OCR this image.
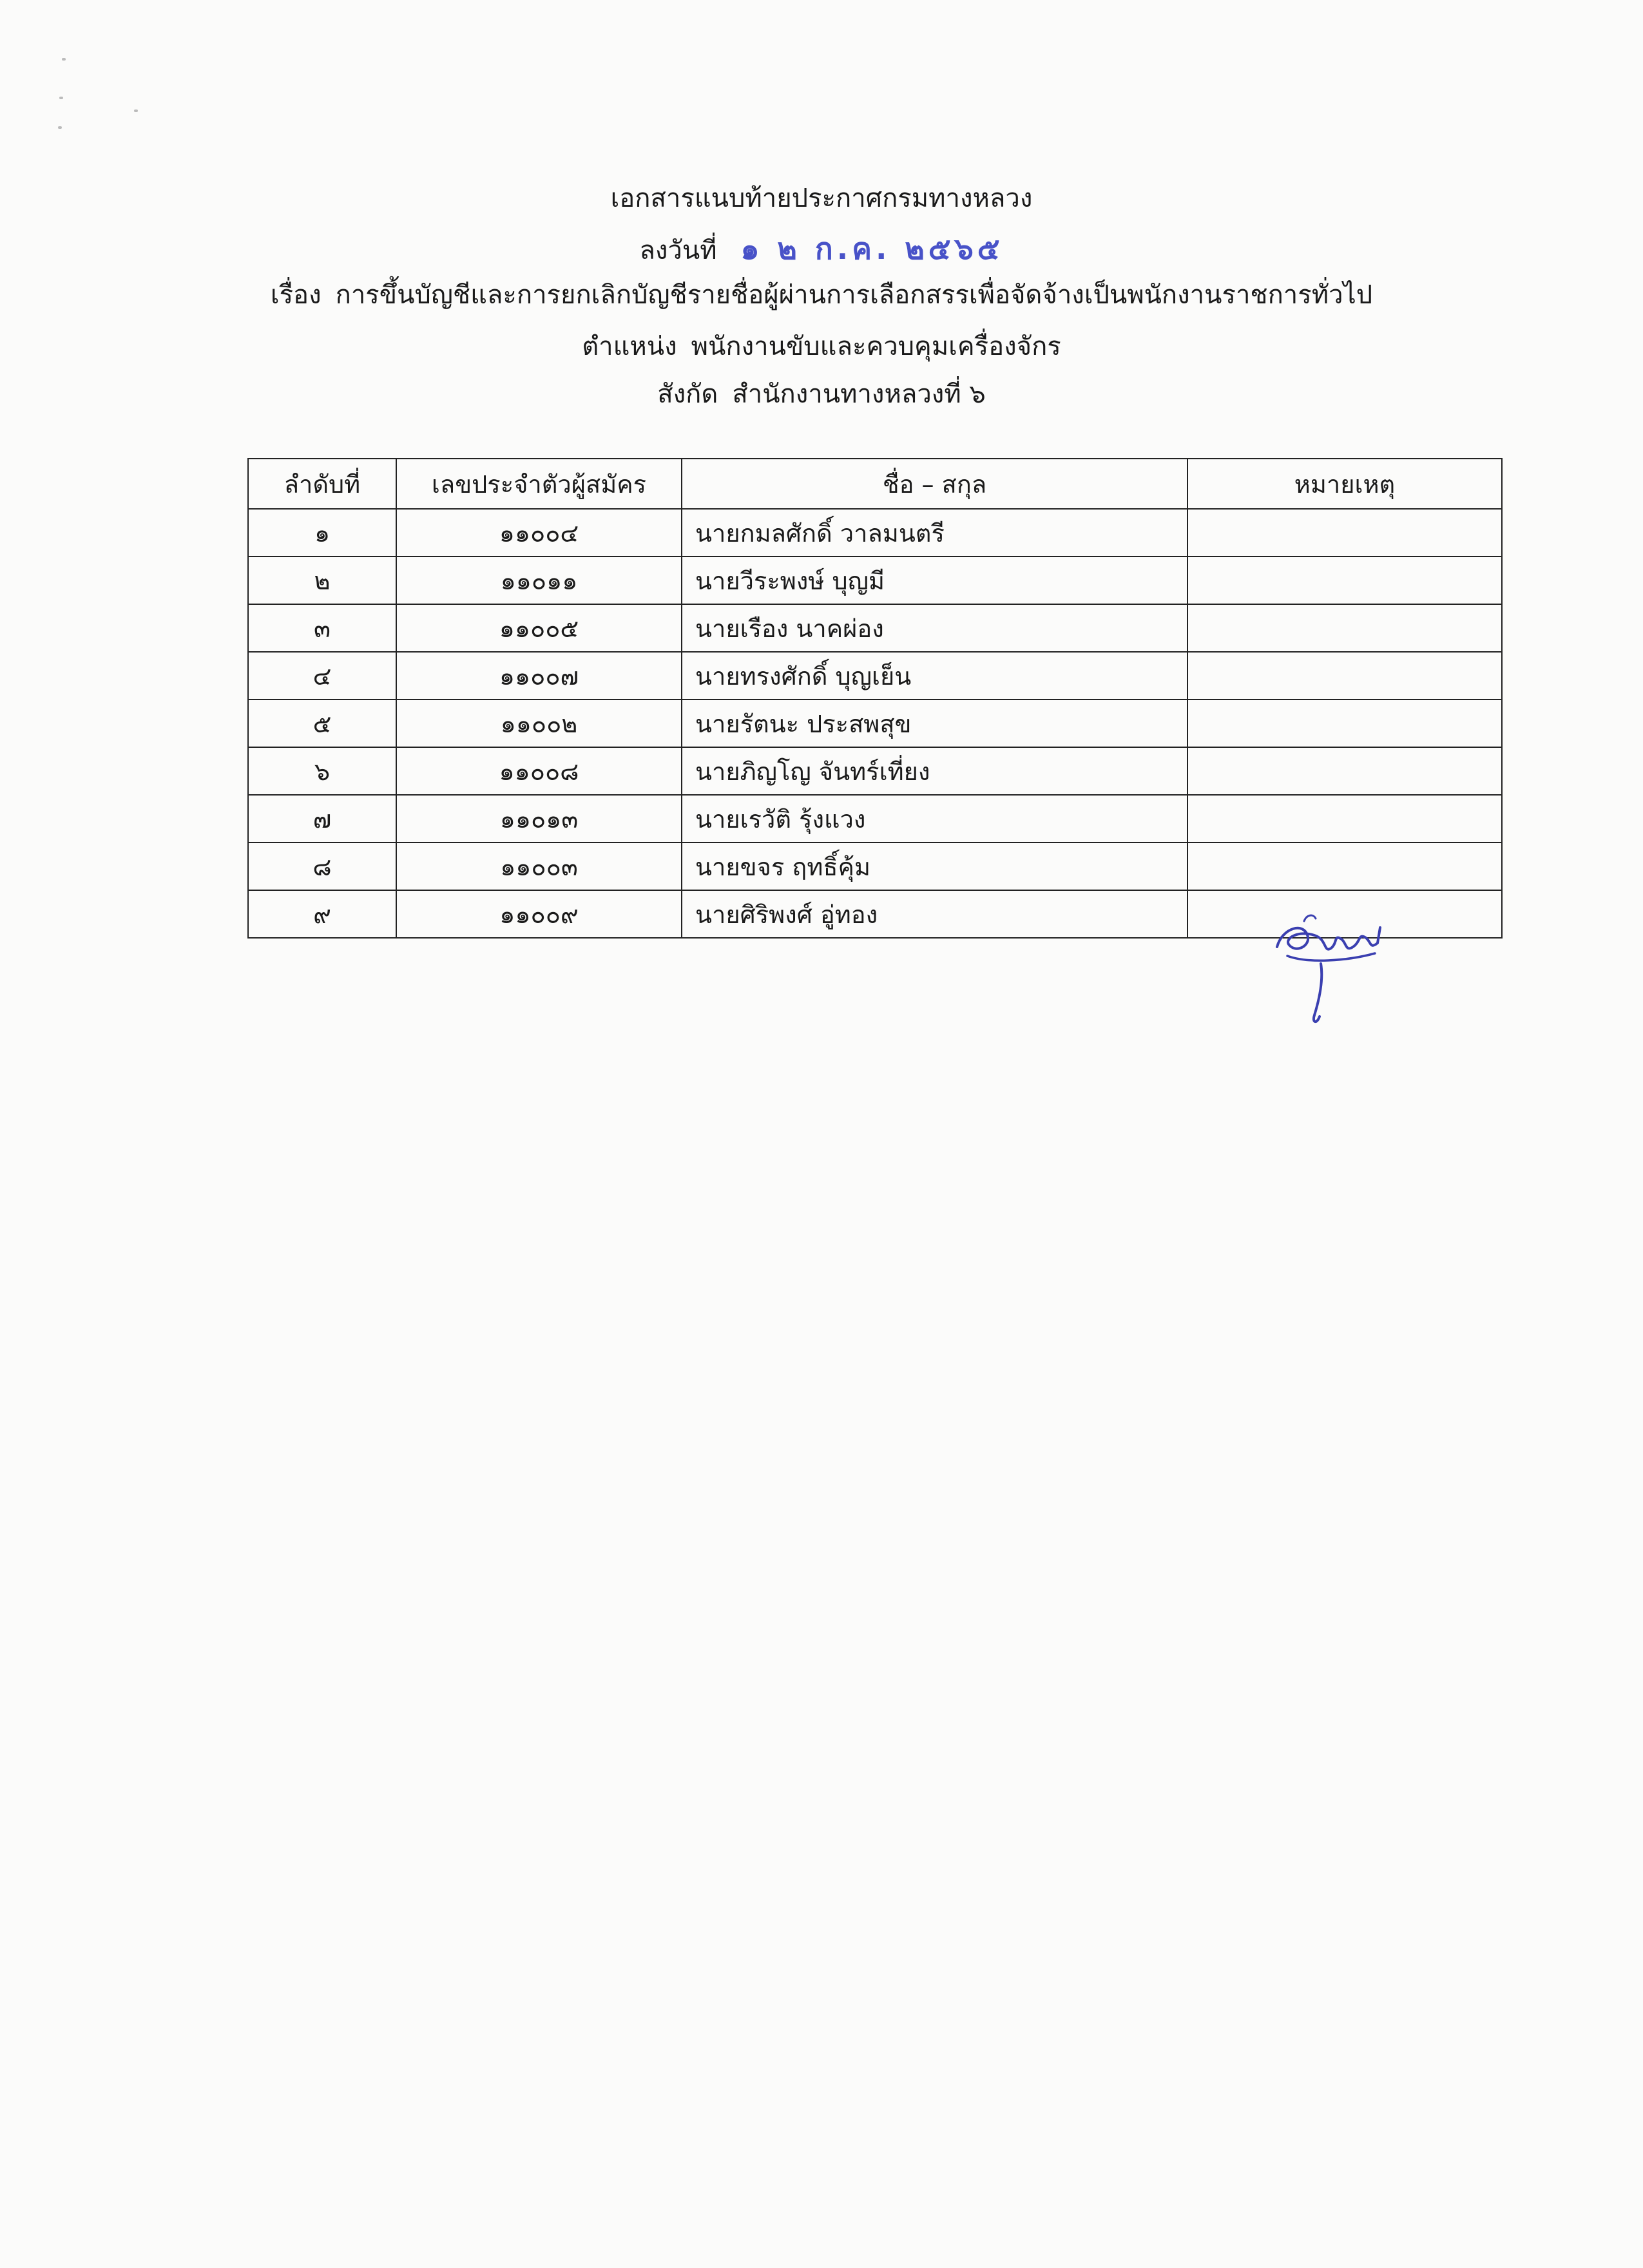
เอกสารแนบท้ายประกาศกรมทางหลวง
ลงวันที่ ๑ ๒ ก.ค. ๒๕๖๕
เรื่อง การขึ้นบัญชีและการยกเลิกบัญชีรายชื่อผู้ผ่านการเลือกสรรเพื่อจัดจ้างเป็นพนักงานราชการทั่วไป
ตำแหน่ง พนักงานขับและควบคุมเครื่องจักร
สังกัด สำนักงานทางหลวงที่ ๖
ลำดับที่	เลขประจำตัวผู้สมัคร	ชื่อ – สกุล	หมายเหตุ
๑	๑๑๐๐๔	นายกมลศักดิ์ วาลมนตรี	
๒	๑๑๐๑๑	นายวีระพงษ์ บุญมี	
๓	๑๑๐๐๕	นายเรือง นาคผ่อง	
๔	๑๑๐๐๗	นายทรงศักดิ์ บุญเย็น	
๕	๑๑๐๐๒	นายรัตนะ ประสพสุข	
๖	๑๑๐๐๘	นายภิญโญ จันทร์เที่ยง	
๗	๑๑๐๑๓	นายเรวัติ รุ้งแวง	
๘	๑๑๐๐๓	นายขจร ฤทธิ์คุ้ม	
๙	๑๑๐๐๙	นายศิริพงศ์ อู่ทอง	
